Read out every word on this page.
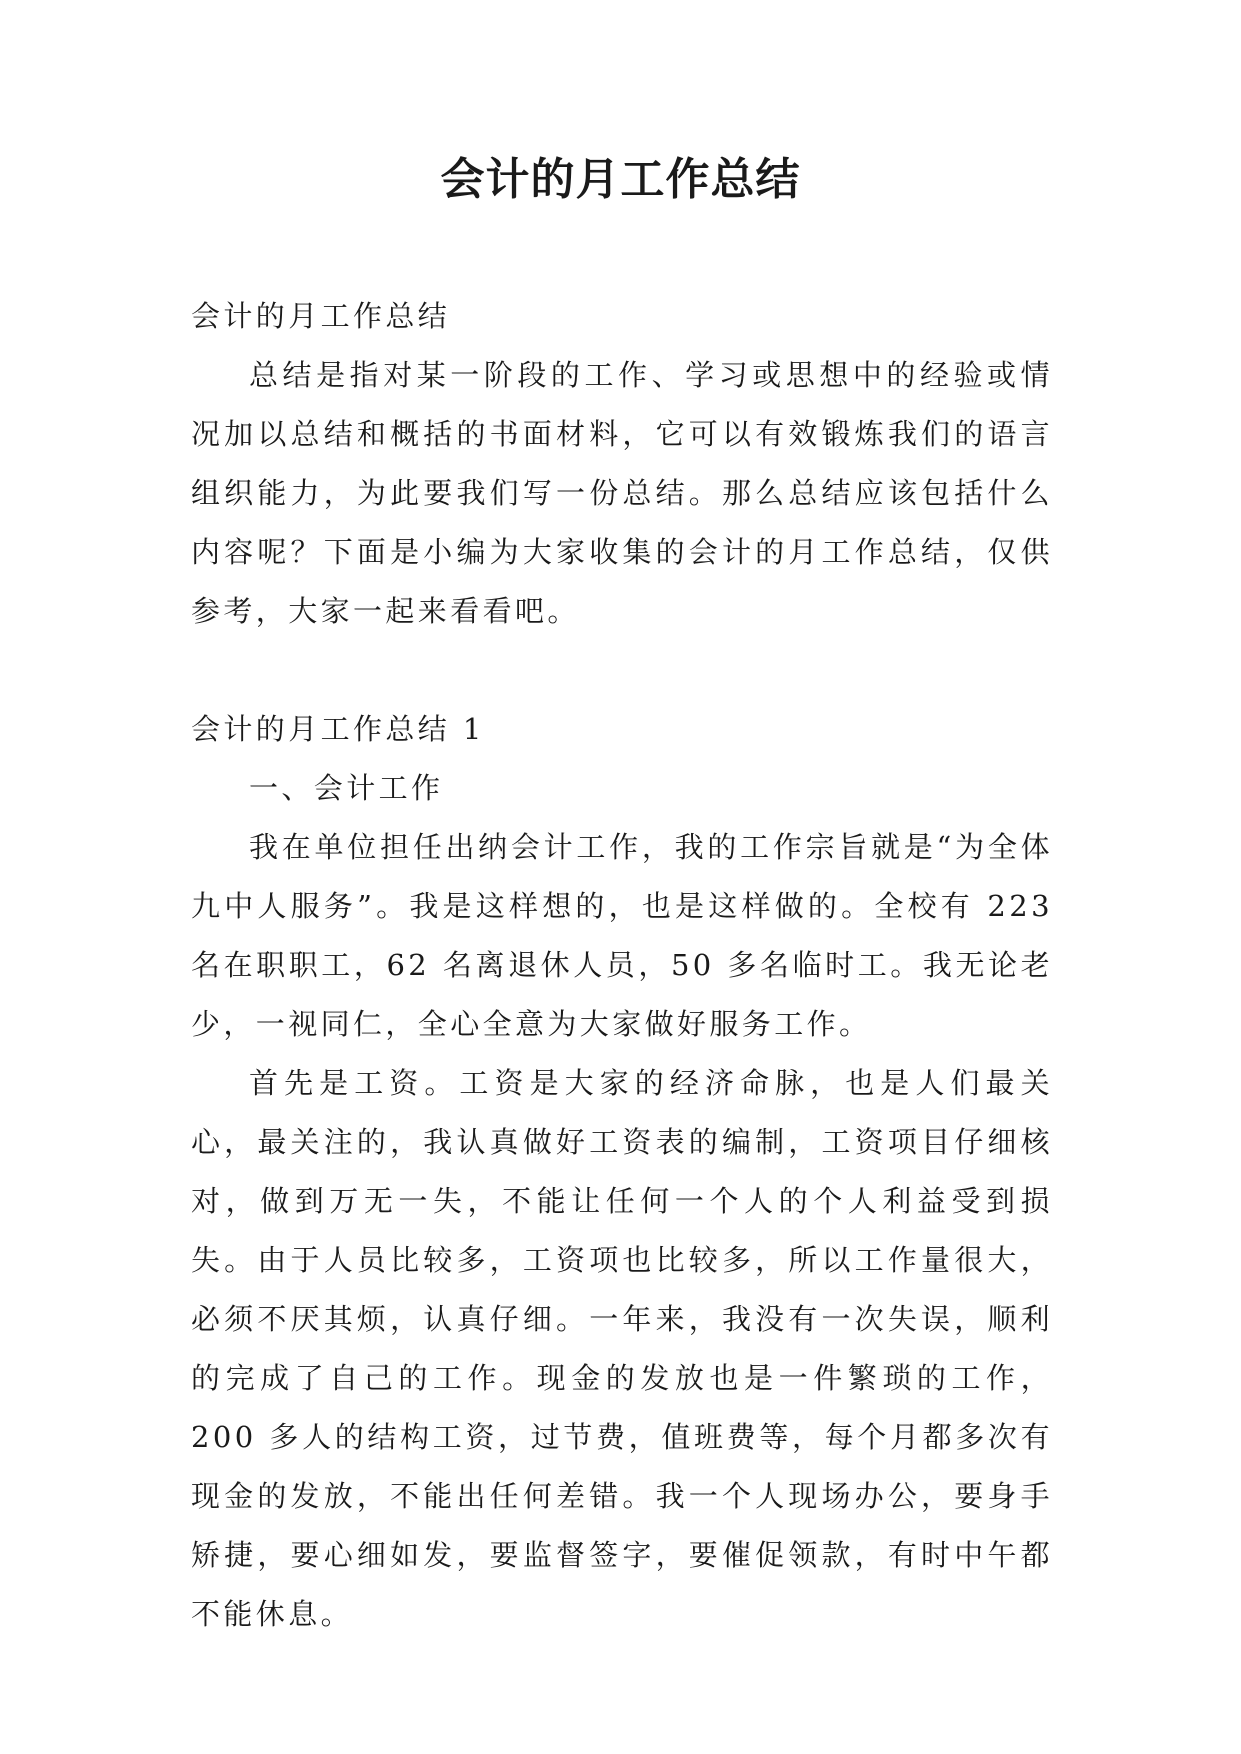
会计的月工作总结

会计的月工作总结

总结是指对某一阶段的工作、学习或思想中的经验或情况加以总结和概括的书面材料，它可以有效锻炼我们的语言组织能力，为此要我们写一份总结。那么总结应该包括什么内容呢？下面是小编为大家收集的会计的月工作总结，仅供参考，大家一起来看看吧。

会计的月工作总结 1

一、会计工作

我在单位担任出纳会计工作，我的工作宗旨就是“为全体九中人服务”。我是这样想的，也是这样做的。全校有 223 名在职职工，62 名离退休人员，50 多名临时工。我无论老少，一视同仁，全心全意为大家做好服务工作。

首先是工资。工资是大家的经济命脉，也是人们最关心，最关注的，我认真做好工资表的编制，工资项目仔细核对，做到万无一失，不能让任何一个人的个人利益受到损失。由于人员比较多，工资项也比较多，所以工作量很大，必须不厌其烦，认真仔细。一年来，我没有一次失误，顺利的完成了自己的工作。现金的发放也是一件繁琐的工作，200 多人的结构工资，过节费，值班费等，每个月都多次有现金的发放，不能出任何差错。我一个人现场办公，要身手矫捷，要心细如发，要监督签字，要催促领款，有时中午都不能休息。
